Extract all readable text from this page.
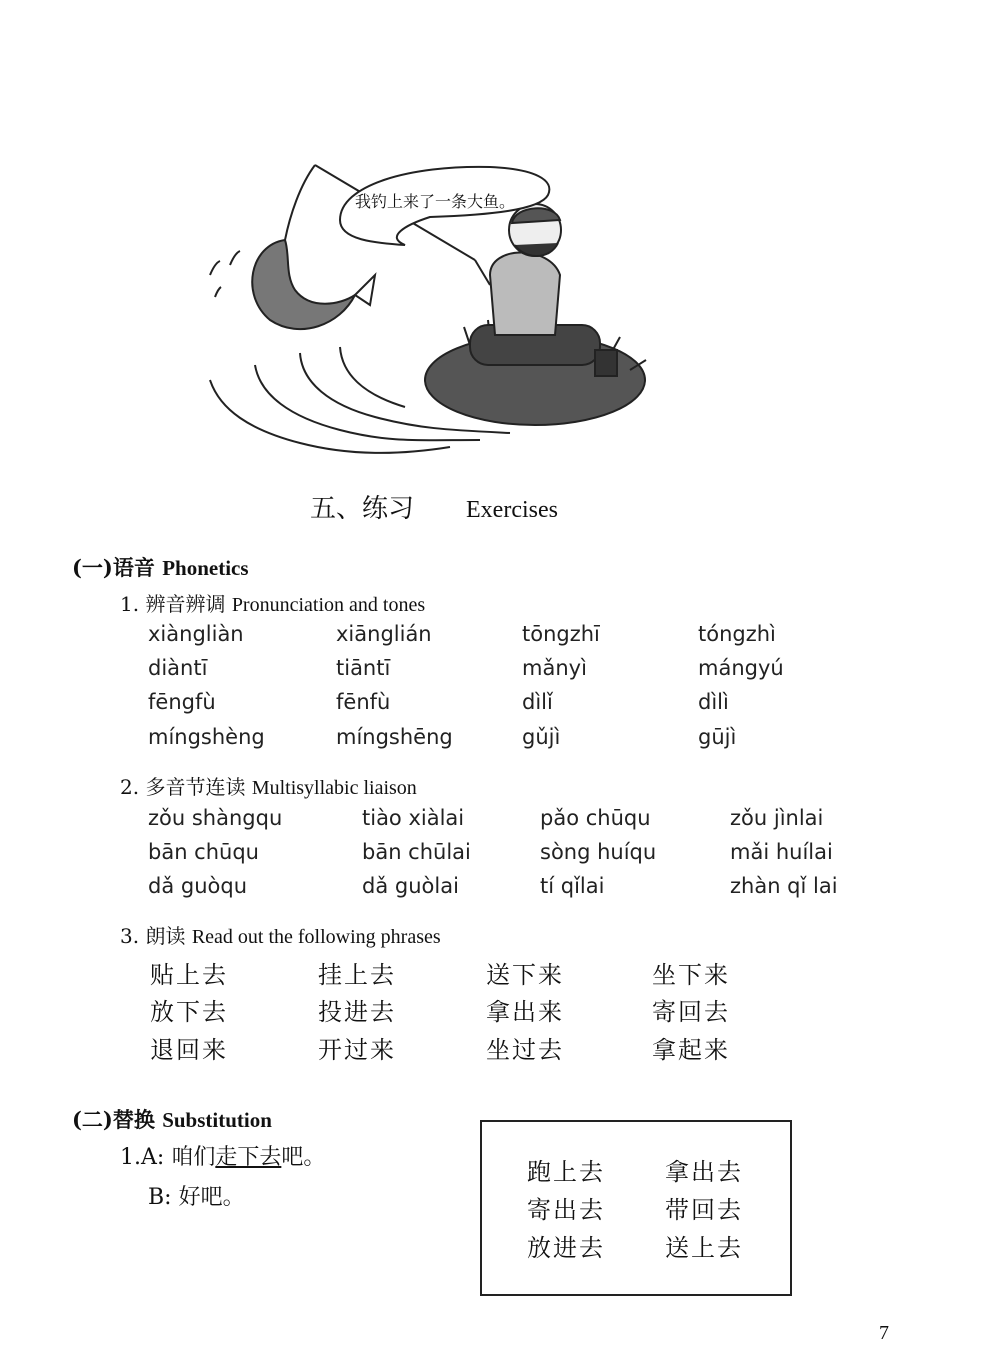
我钓上来了一条大鱼。
五、练习 Exercises
(一)语音 Phonetics
1. 辨音辨调 Pronunciation and tones
xiàngliàn	xiānglián	tōngzhī	tóngzhì
diàntī	tiāntī	mǎnyì	mángyú
fēngfù	fēnfù	dìlǐ	dìlì
míngshèng	míngshēng	gǔjì	gūjì
2. 多音节连读 Multisyllabic liaison
zǒu shàngqu	tiào xiàlai	pǎo chūqu	zǒu jìnlai
bān chūqu	bān chūlai	sòng huíqu	mǎi huílai
dǎ guòqu	dǎ guòlai	tí qǐlai	zhàn qǐ lai
3. 朗读 Read out the following phrases
贴上去	挂上去	送下来	坐下来
放下去	投进去	拿出来	寄回去
退回来	开过来	坐过去	拿起来
(二)替换 Substitution
1.A: 咱们走下去吧。
B: 好吧。
跑上去	拿出去
寄出去	带回去
放进去	送上去
7
